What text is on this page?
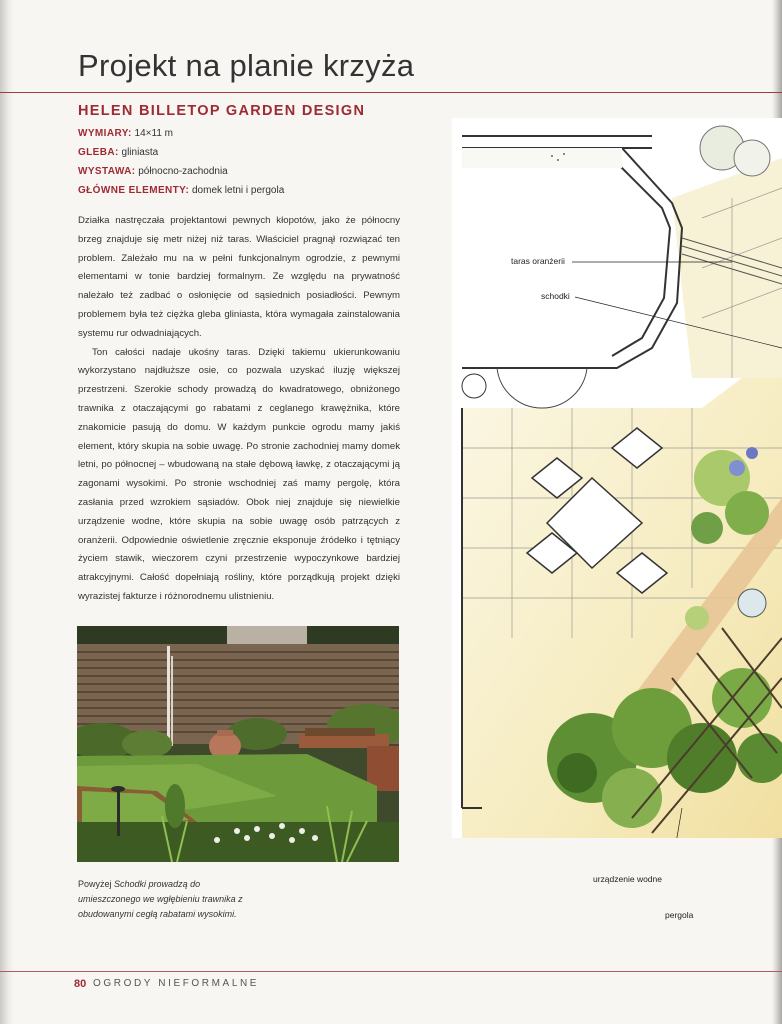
Projekt na planie krzyża
HELEN BILLETOP GARDEN DESIGN
WYMIARY: 14×11 m
GLEBA: gliniasta
WYSTAWA: północno-zachodnia
GŁÓWNE ELEMENTY: domek letni i pergola

Działka nastręczała projektantowi pewnych kłopotów, jako że północny brzeg znajduje się metr niżej niż taras. Właściciel pragnął rozwiązać ten problem. Zależało mu na w pełni funkcjonalnym ogrodzie, z pewnymi elementami w tonie bardziej formalnym. Ze względu na prywatność należało też zadbać o osłonięcie od sąsiednich posiadłości. Pewnym problemem była też ciężka gleba gliniasta, która wymagała zainstalowania systemu rur odwadniających.

Ton całości nadaje ukośny taras. Dzięki takiemu ukierunkowaniu wykorzystano najdłuższe osie, co pozwala uzyskać iluzję większej przestrzeni. Szerokie schody prowadzą do kwadratowego, obniżonego trawnika z otaczającymi go rabatami z ceglanego krawężnika, które znakomicie pasują do domu. W każdym punkcie ogrodu mamy jakiś element, który skupia na sobie uwagę. Po stronie zachodniej mamy domek letni, po północnej – wbudowaną na stałe dębową ławkę, z otaczającymi ją zagonami wysokimi. Po stronie wschodniej zaś mamy pergolę, która zasłania przed wzrokiem sąsiadów. Obok niej znajduje się niewielkie urządzenie wodne, które skupia na sobie uwagę osób patrzących z oranżerii. Odpowiednie oświetlenie zręcznie eksponuje źródełko i tętniący życiem stawik, wieczorem czyni przestrzenie wypoczynkowe bardziej atrakcyjnymi. Całość dopełniają rośliny, które porządkują projekt dzięki wyrazistej fakturze i różnorodnemu ulistnieniu.

Powyżej Schodki prowadzą do umieszczonego we wgłębieniu trawnika z obudowanymi cegłą rabatami wysokimi.
taras oranżerii
schodki
urządzenie wodne
pergola
80 OGRODY NIEFORMALNE
